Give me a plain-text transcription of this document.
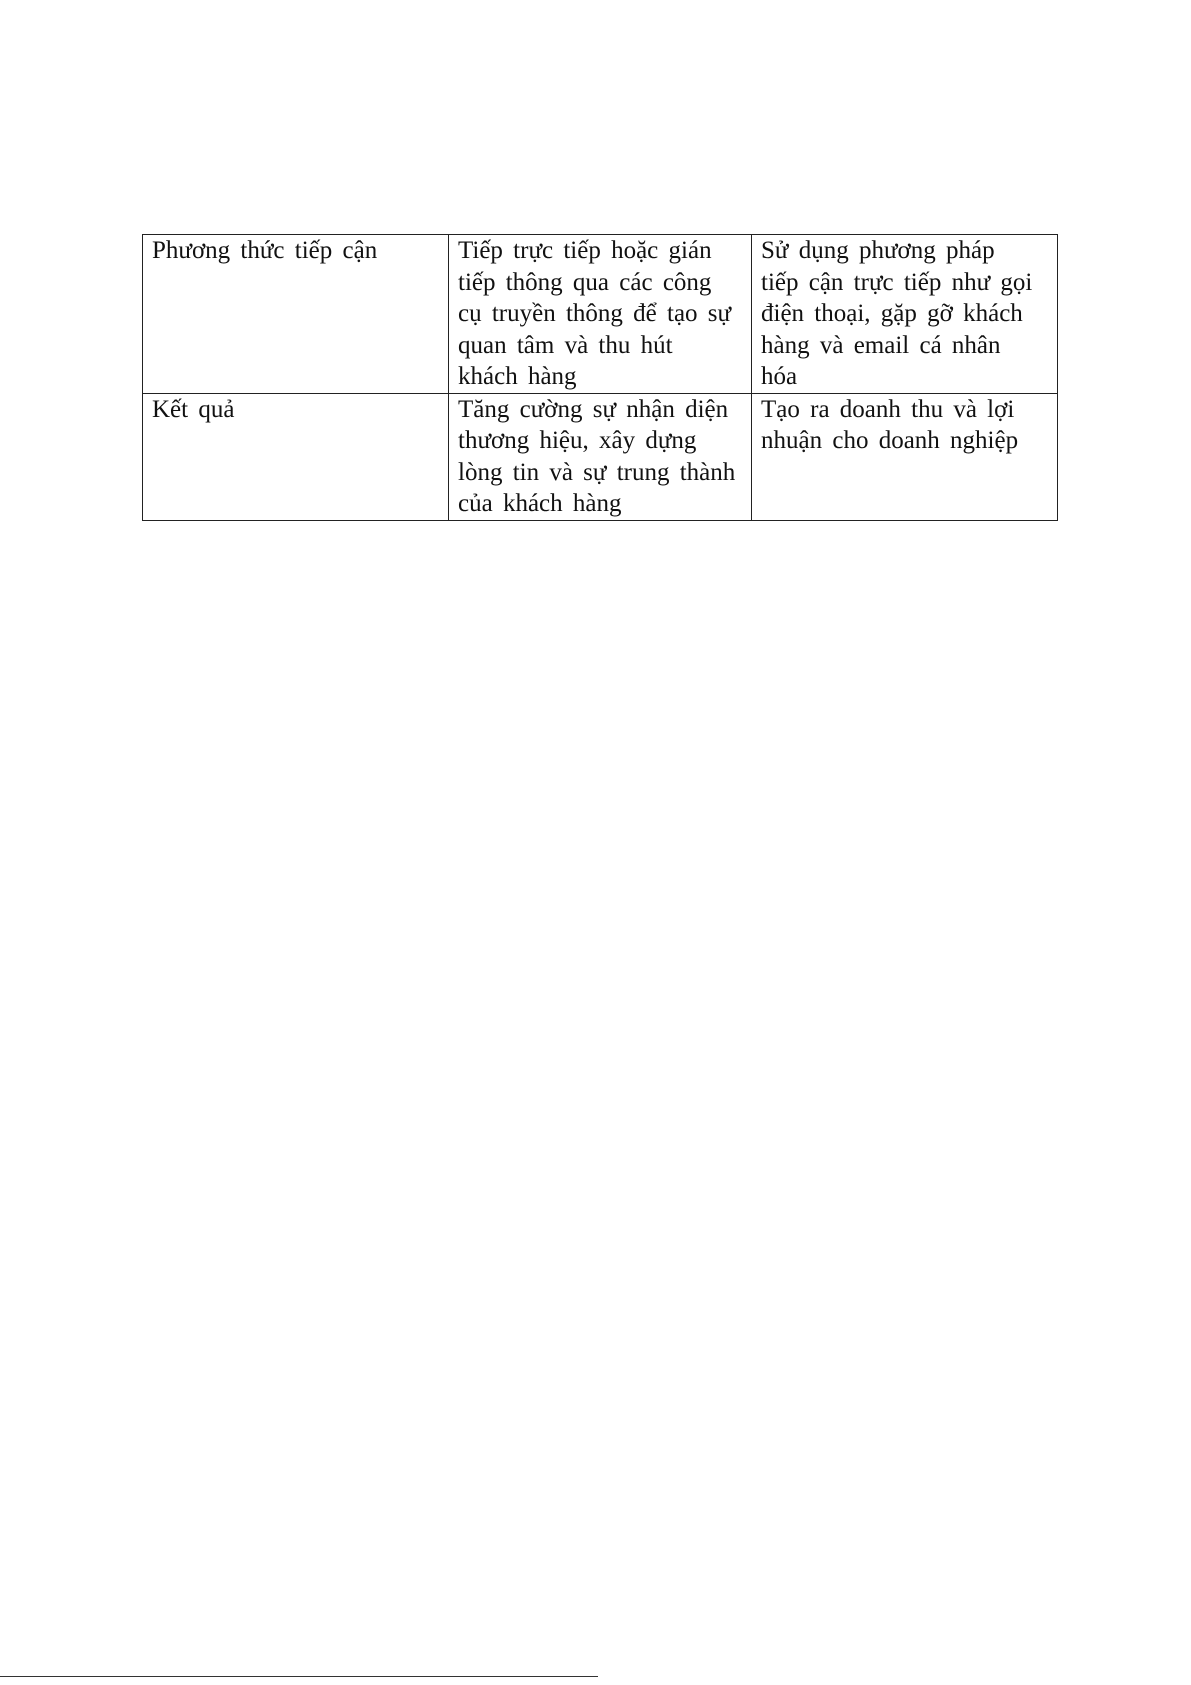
Phương thức tiếp cận	Tiếp trực tiếp hoặc gián
tiếp thông qua các công
cụ truyền thông để tạo sự
quan tâm và thu hút
khách hàng	Sử dụng phương pháp
tiếp cận trực tiếp như gọi
điện thoại, gặp gỡ khách
hàng và email cá nhân
hóa
Kết quả	Tăng cường sự nhận diện
thương hiệu, xây dựng
lòng tin và sự trung thành
của khách hàng	Tạo ra doanh thu và lợi
nhuận cho doanh nghiệp
